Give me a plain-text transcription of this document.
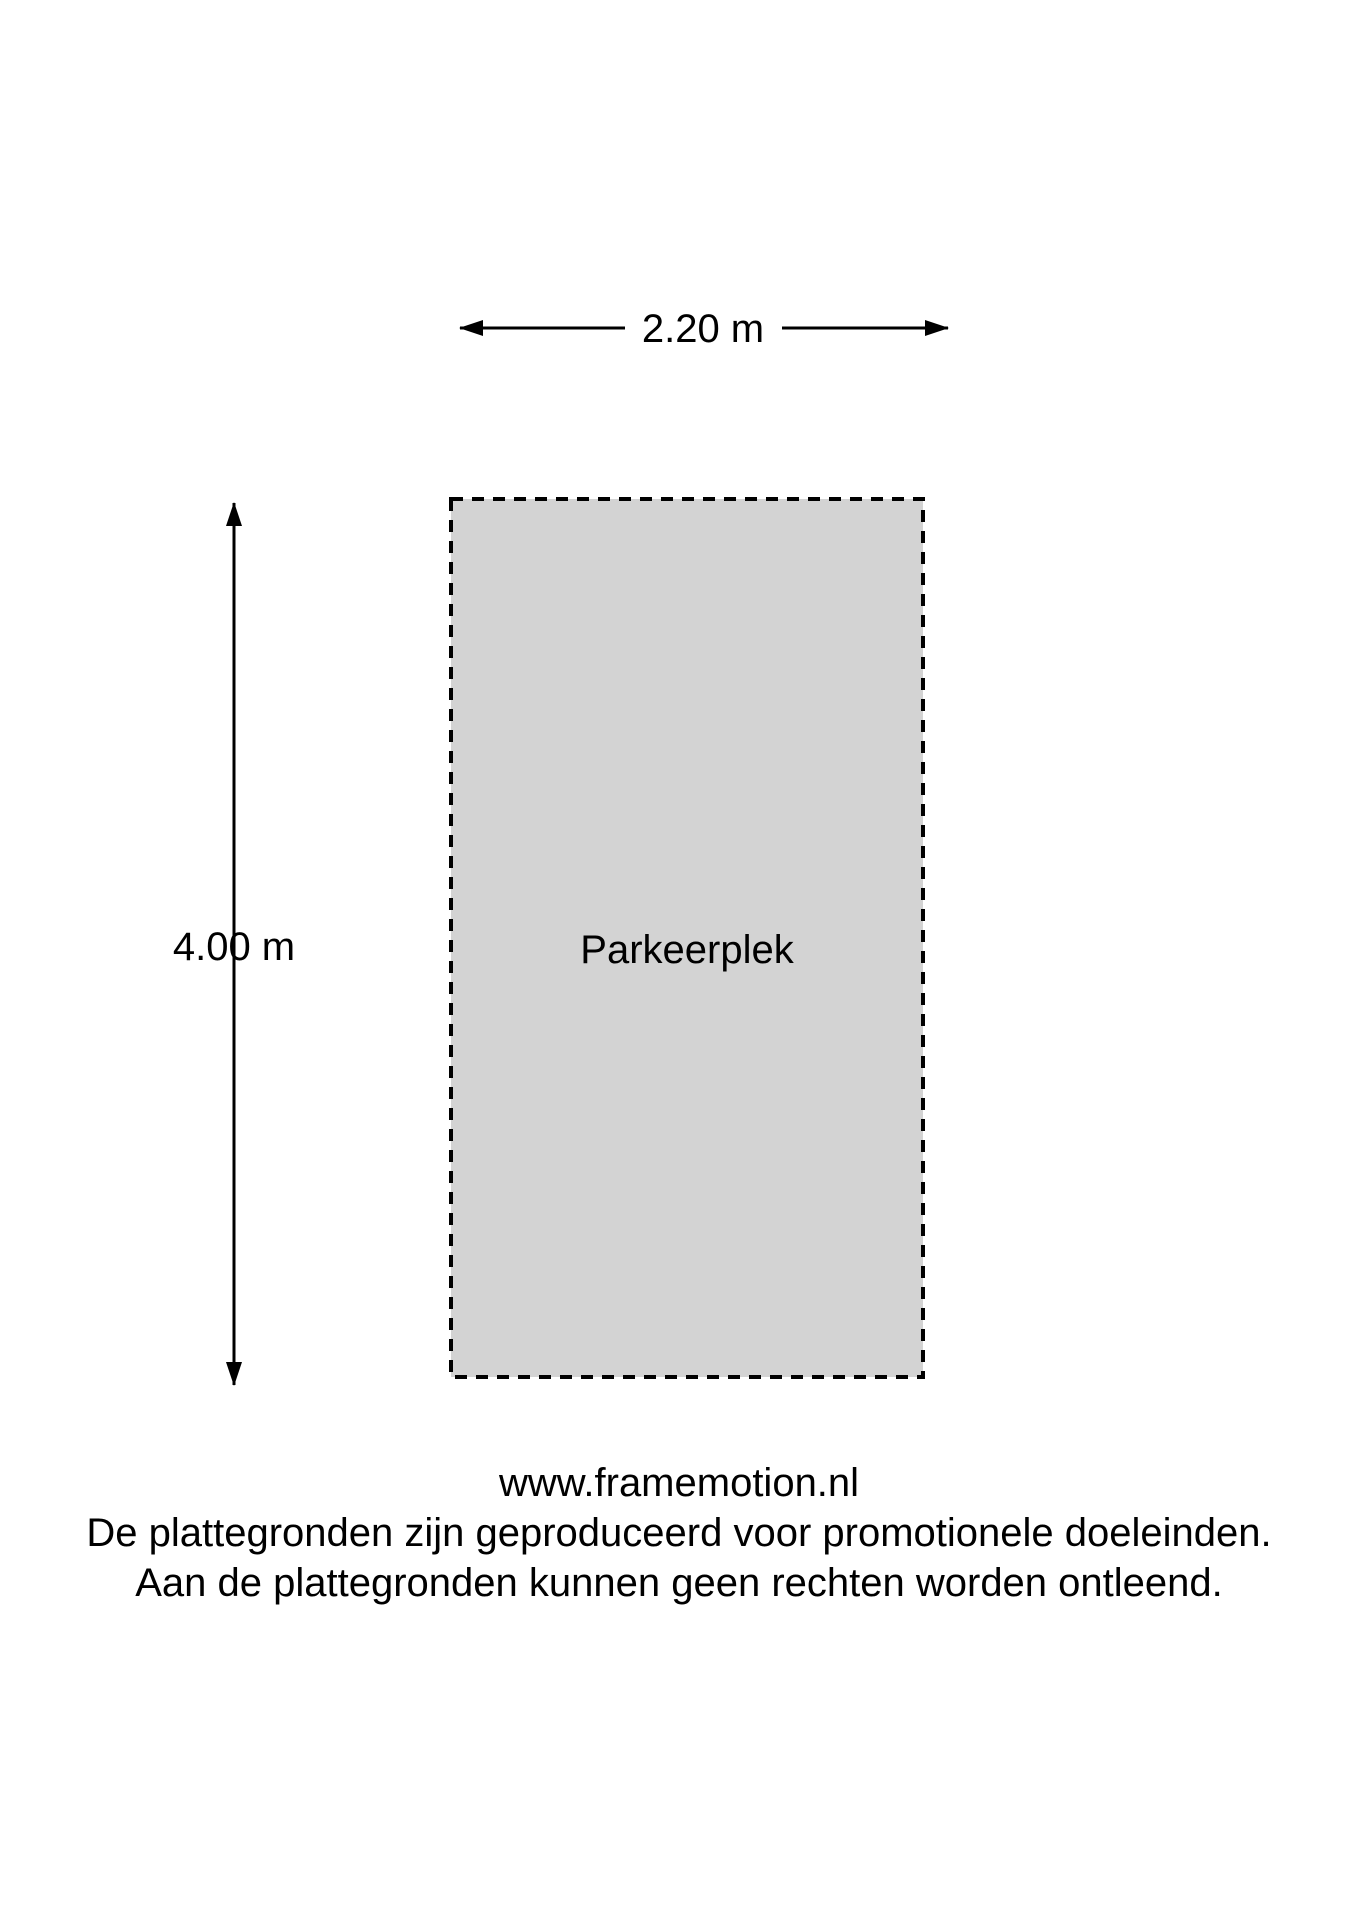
2.20 m
4.00 m	Parkeerplek
www.framemotion.nl
De plattegronden zijn geproduceerd voor promotionele doeleinden.
Aan de plattegronden kunnen geen rechten worden ontleend.
